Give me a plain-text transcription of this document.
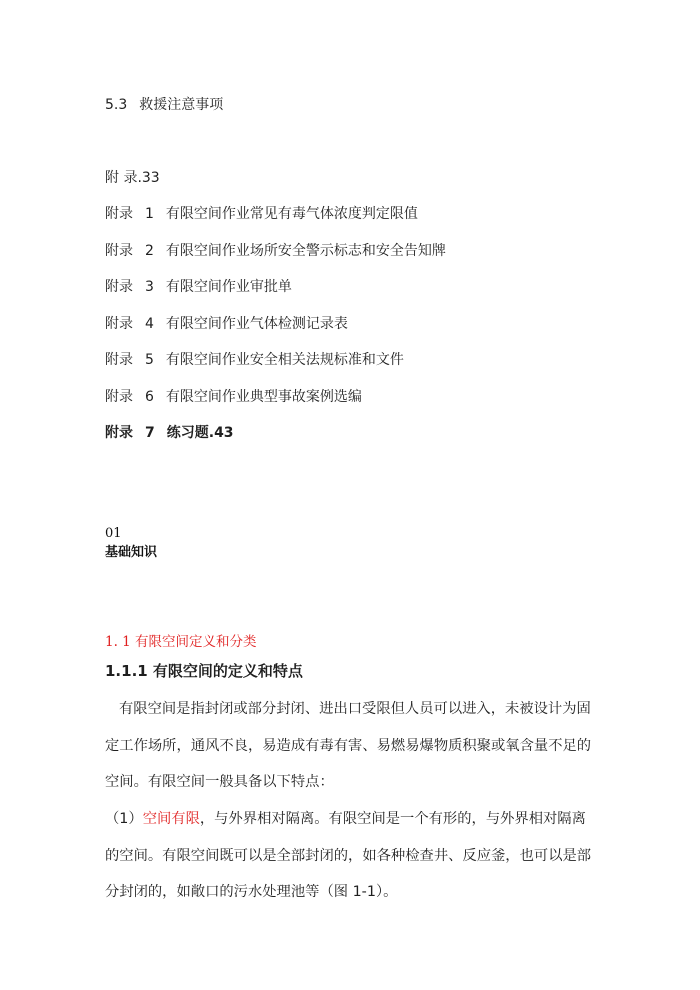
5.3 救援注意事项
附 录.33
附录 1 有限空间作业常见有毒气体浓度判定限值
附录 2 有限空间作业场所安全警示标志和安全告知牌
附录 3 有限空间作业审批单
附录 4 有限空间作业气体检测记录表
附录 5 有限空间作业安全相关法规标准和文件
附录 6 有限空间作业典型事故案例选编
附录 7 练习题.43
01
基础知识
1. 1 有限空间定义和分类
1.1.1 有限空间的定义和特点
有限空间是指封闭或部分封闭、进出口受限但人员可以进入，未被设计为固
定工作场所，通风不良，易造成有毒有害、易燃易爆物质积聚或氧含量不足的
空间。有限空间一般具备以下特点：
（1）空间有限，与外界相对隔离。有限空间是一个有形的，与外界相对隔离
的空间。有限空间既可以是全部封闭的，如各种检查井、反应釜，也可以是部
分封闭的，如敞口的污水处理池等（图 1-1）。
